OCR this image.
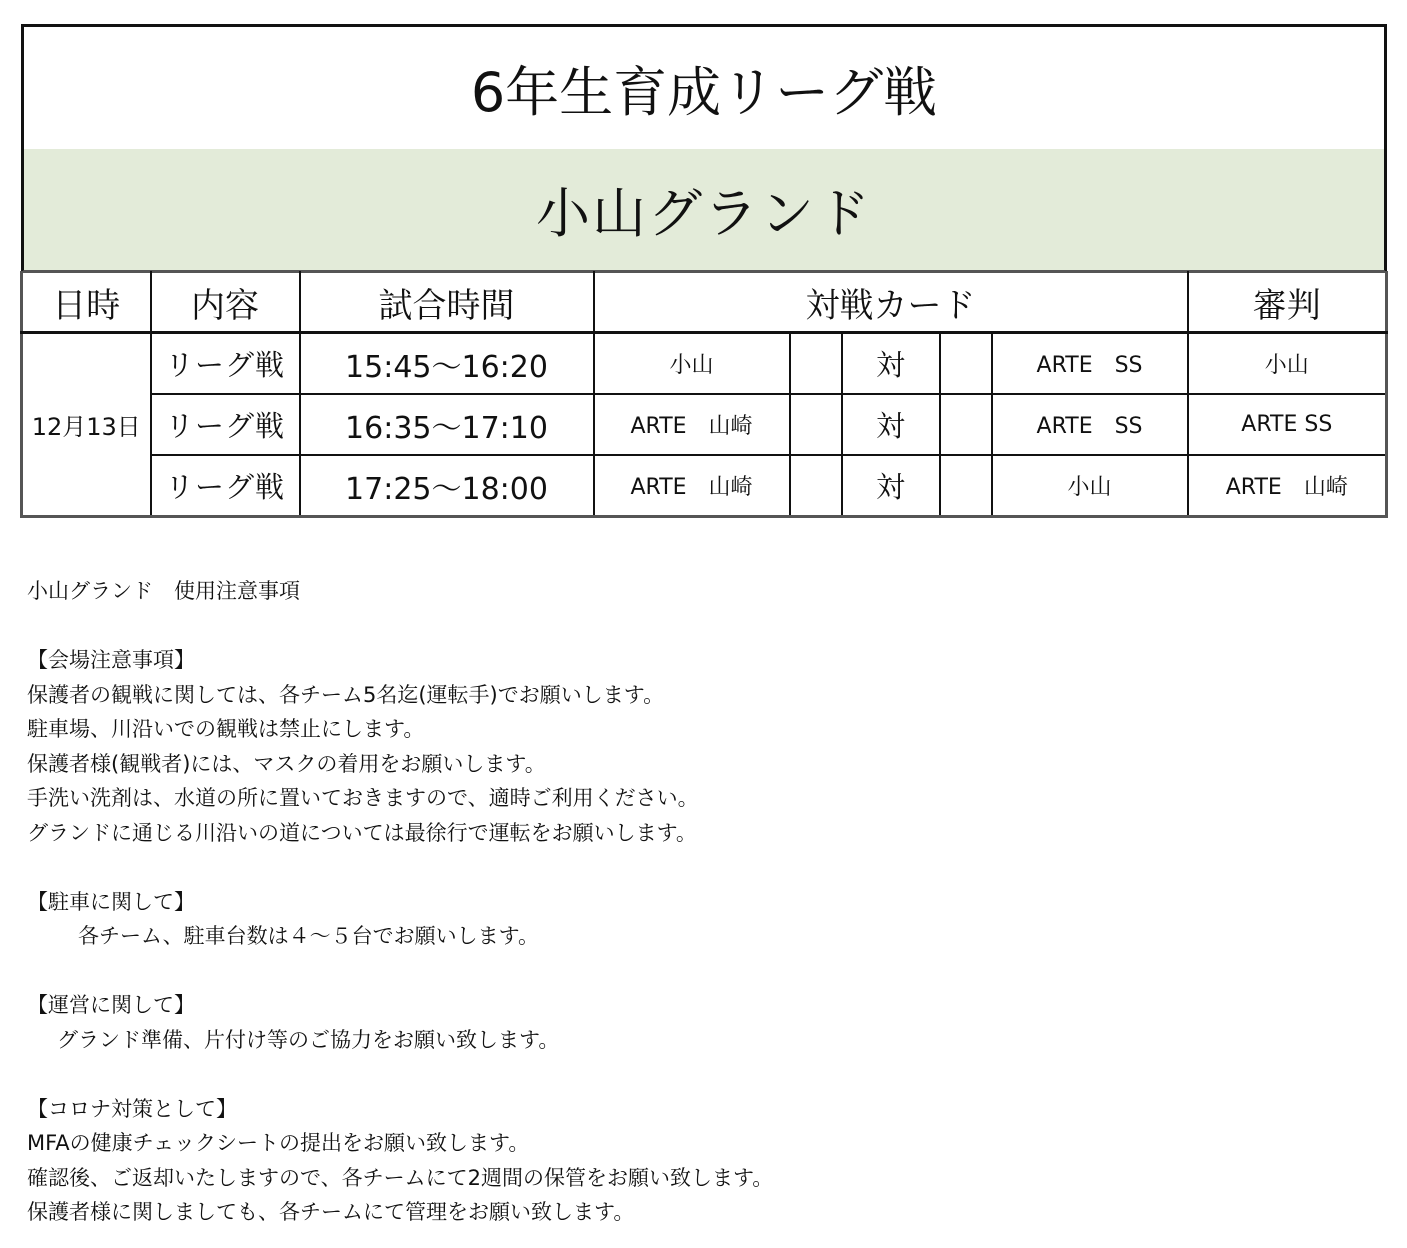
6年生育成リーグ戦
小山グランド
日時	内容	試合時間	対戦カード					審判
12月13日	リーグ戦	15:45～16:20	小山		対		ARTE　SS	小山
	リーグ戦	16:35～17:10	ARTE　山崎		対		ARTE　SS	ARTE SS
	リーグ戦	17:25～18:00	ARTE　山崎		対		小山	ARTE　山崎
小山グランド　使用注意事項
【会場注意事項】
保護者の観戦に関しては、各チーム5名迄(運転手)でお願いします。
駐車場、川沿いでの観戦は禁止にします。
保護者様(観戦者)には、マスクの着用をお願いします。
手洗い洗剤は、水道の所に置いておきますので、適時ご利用ください。
グランドに通じる川沿いの道については最徐行で運転をお願いします。
【駐車に関して】
各チーム、駐車台数は４～５台でお願いします。
【運営に関して】
グランド準備、片付け等のご協力をお願い致します。
【コロナ対策として】
MFAの健康チェックシートの提出をお願い致します。
確認後、ご返却いたしますので、各チームにて2週間の保管をお願い致します。
保護者様に関しましても、各チームにて管理をお願い致します。
